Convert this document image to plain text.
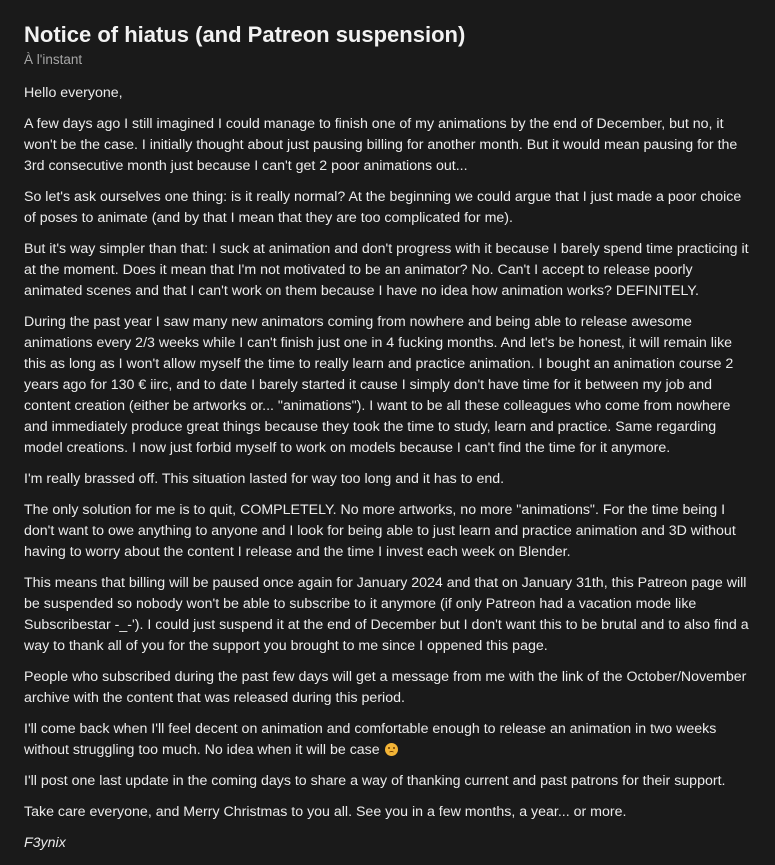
Notice of hiatus (and Patreon suspension)
À l'instant

Hello everyone,

A few days ago I still imagined I could manage to finish one of my animations by the end of December, but no, it won't be the case. I initially thought about just pausing billing for another month. But it would mean pausing for the 3rd consecutive month just because I can't get 2 poor animations out...

So let's ask ourselves one thing: is it really normal? At the beginning we could argue that I just made a poor choice of poses to animate (and by that I mean that they are too complicated for me).

But it's way simpler than that: I suck at animation and don't progress with it because I barely spend time practicing it at the moment. Does it mean that I'm not motivated to be an animator? No. Can't I accept to release poorly animated scenes and that I can't work on them because I have no idea how animation works? DEFINITELY.

During the past year I saw many new animators coming from nowhere and being able to release awesome animations every 2/3 weeks while I can't finish just one in 4 fucking months. And let's be honest, it will remain like this as long as I won't allow myself the time to really learn and practice animation. I bought an animation course 2 years ago for 130 € iirc, and to date I barely started it cause I simply don't have time for it between my job and content creation (either be artworks or... "animations"). I want to be all these colleagues who come from nowhere and immediately produce great things because they took the time to study, learn and practice. Same regarding model creations. I now just forbid myself to work on models because I can't find the time for it anymore.

I'm really brassed off. This situation lasted for way too long and it has to end.

The only solution for me is to quit, COMPLETELY. No more artworks, no more "animations". For the time being I don't want to owe anything to anyone and I look for being able to just learn and practice animation and 3D without having to worry about the content I release and the time I invest each week on Blender.

This means that billing will be paused once again for January 2024 and that on January 31th, this Patreon page will be suspended so nobody won't be able to subscribe to it anymore (if only Patreon had a vacation mode like Subscribestar -_-'). I could just suspend it at the end of December but I don't want this to be brutal and to also find a way to thank all of you for the support you brought to me since I oppened this page.

People who subscribed during the past few days will get a message from me with the link of the October/November archive with the content that was released during this period.

I'll come back when I'll feel decent on animation and comfortable enough to release an animation in two weeks without struggling too much. No idea when it will be case

I'll post one last update in the coming days to share a way of thanking current and past patrons for their support.

Take care everyone, and Merry Christmas to you all. See you in a few months, a year... or more.

F3ynix
